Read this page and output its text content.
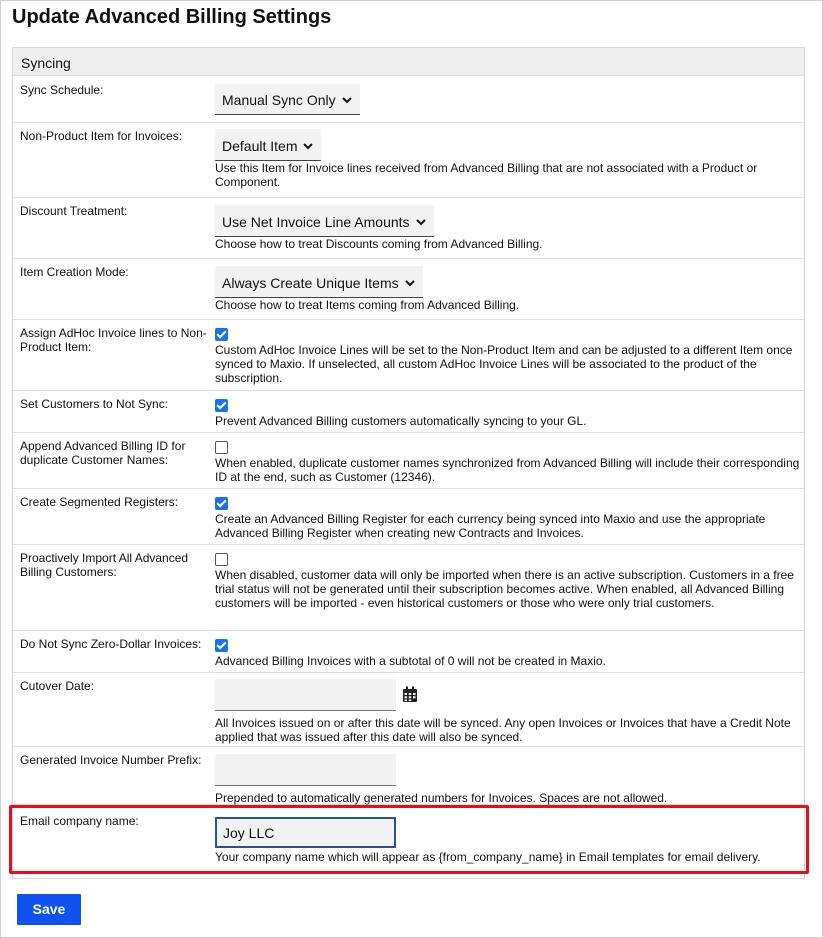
Update Advanced Billing Settings
Syncing
Sync Schedule:
Manual Sync Only
Non-Product Item for Invoices:
Default Item
Use this Item for Invoice lines received from Advanced Billing that are not associated with a Product or Component.
Discount Treatment:
Use Net Invoice Line Amounts
Choose how to treat Discounts coming from Advanced Billing.
Item Creation Mode:
Always Create Unique Items
Choose how to treat Items coming from Advanced Billing.
Assign AdHoc Invoice lines to Non-Product Item:	Custom AdHoc Invoice Lines will be set to the Non-Product Item and can be adjusted to a different Item once synced to Maxio. If unselected, all custom AdHoc Invoice Lines will be associated to the product of the subscription.
Set Customers to Not Sync:
Prevent Advanced Billing customers automatically syncing to your GL.
Append Advanced Billing ID for duplicate Customer Names:	When enabled, duplicate customer names synchronized from Advanced Billing will include their corresponding ID at the end, such as Customer (12346).
Create Segmented Registers:
Create an Advanced Billing Register for each currency being synced into Maxio and use the appropriate Advanced Billing Register when creating new Contracts and Invoices.
Proactively Import All Advanced Billing Customers:	When disabled, customer data will only be imported when there is an active subscription. Customers in a free trial status will not be generated until their subscription becomes active. When enabled, all Advanced Billing customers will be imported - even historical customers or those who were only trial customers.
Do Not Sync Zero-Dollar Invoices:
Advanced Billing Invoices with a subtotal of 0 will not be created in Maxio.
Cutover Date:
All Invoices issued on or after this date will be synced. Any open Invoices or Invoices that have a Credit Note applied that was issued after this date will also be synced.
Generated Invoice Number Prefix:
Prepended to automatically generated numbers for Invoices. Spaces are not allowed.
Email company name:
Joy LLC
Your company name which will appear as {from_company_name} in Email templates for email delivery.
Save
